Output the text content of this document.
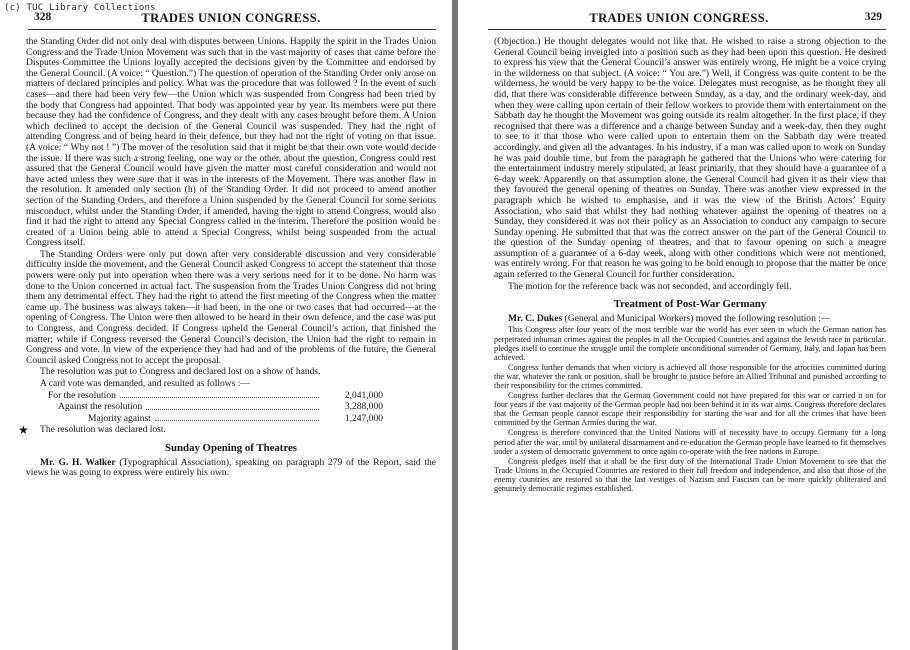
(c) TUC Library Collections
328	TRADES UNION CONGRESS.

the Standing Order did not only deal with disputes between Unions. Happily the spirit in the Trades Union Congress and the Trade Union Movement was such that in the vast majority of cases that came before the Disputes Committee the Unions loyally accepted the decisions given by the Committee and endorsed by the General Council. (A voice: “ Question.”) The question of operation of the Standing Order only arose on matters of declared principles and policy. What was the procedure that was followed ? In the event of such cases—and there had been very few—the Union which was suspended from Congress had been tried by the body that Congress had appointed. That body was appointed year by year. Its members were put there because they had the confidence of Congress, and they dealt with any cases brought before them. A Union which declined to accept the decision of the General Council was suspended. They had the right of attending Congress and of being heard in their defence, but they had not the right of voting on that issue. (A voice: “ Why not ! ”) The mover of the resolution said that it might be that their own vote would decide the issue. If there was such a strong feeling, one way or the other, about the question, Congress could rest assured that the General Council would have given the matter most careful consideration and would not have acted unless they were sure that it was in the interests of the Movement. There was another flaw in the resolution. It amended only section (h) of the Standing Order. It did not proceed to amend another section of the Standing Orders, and therefore a Union suspended by the General Council for some serious misconduct, whilst under the Standing Order, if amended, having the right to attend Congress, would also find it had the right to attend any Special Congress called in the interim. Therefore the position would be created of a Union being able to attend a Special Congress, whilst being suspended from the actual Congress itself.

The Standing Orders were only put down after very considerable discussion and very considerable difficulty inside the movement, and the General Council asked Congress to accept the statement that those powers were only put into operation when there was a very serious need for it to be done. No harm was done to the Union concerned in actual fact. The suspension from the Trades Union Congress did not bring them any detrimental effect. They had the right to attend the first meeting of the Congress when the matter came up. The business was always taken—it had been, in the one or two cases that had occurred—at the opening of Congress. The Union were then allowed to be heard in their own defence, and the case was put to Congress, and Congress decided. If Congress upheld the General Council’s action, that finished the matter; while if Congress reversed the General Council’s decision, the Union had the right to remain in Congress and vote. In view of the experience they had had and of the problems of the future, the General Council asked Congress not to accept the proposal.

The resolution was put to Congress and declared lost on a show of hands.

A card vote was demanded, and resulted as follows :—

For the resolution	2,041,000
Against the resolution	3,288,000
Majority against	1,247,000

★ The resolution was declared lost.

Sunday Opening of Theatres

Mr. G. H. Walker (Typographical Association), speaking on paragraph 279 of the Report, said the views he was going to express were entirely his own.

TRADES UNION CONGRESS.	329

(Objection.) He thought delegates would not like that. He wished to raise a strong objection to the General Council being inveigled into a position such as they had been upon this question. He desired to express his view that the General Council’s answer was entirely wrong. He might be a voice crying in the wilderness on that subject. (A voice: “ You are.”) Well, if Congress was quite content to be the wilderness, he would be very happy to be the voice. Delegates must recognise, as he thought they all did, that there was considerable difference between Sunday, as a day, and the ordinary week-day, and when they were calling upon certain of their fellow workers to provide them with entertainment on the Sabbath day he thought the Movement was going outside its realm altogether. In the first place, if they recognised that there was a difference and a change between Sunday and a week-day, then they ought to see to it that those who were called upon to entertain them on the Sabbath day were treated accordingly, and given all the advantages. In his industry, if a man was called upon to work on Sunday he was paid double time, but from the paragraph he gathered that the Unions who were catering for the entertainment industry merely stipulated, at least primarily, that they should have a guarantee of a 6-day week. Apparently on that assumption alone, the General Council had given it as their view that they favoured the general opening of theatres on Sunday. There was another view expressed in the paragraph which he wished to emphasise, and it was the view of the British Actors’ Equity Association, who said that whilst they had nothing whatever against the opening of theatres on a Sunday, they considered it was not their policy as an Association to conduct any campaign to secure Sunday opening. He submitted that that was the correct answer on the part of the General Council to the question of the Sunday opening of theatres, and that to favour opening on such a meagre assumption of a guarantee of a 6-day week, along with other conditions which were not mentioned, was entirely wrong. For that reason he was going to be bold enough to propose that the matter be once again referred to the General Council for further consideration.

The motion for the reference back was not seconded, and accordingly fell.

Treatment of Post-War Germany

Mr. C. Dukes (General and Municipal Workers) moved the following resolution :—

This Congress after four years of the most terrible war the world has ever seen in which the German nation has perpetrated inhuman crimes against the peoples in all the Occupied Countries and against the Jewish race in particular, pledges itself to continue the struggle until the complete unconditional surrender of Germany, Italy, and Japan has been achieved.

Congress further demands that when victory is achieved all those responsible for the atrocities committed during the war, whatever the rank or position, shall be brought to justice before an Allied Tribunal and punished according to their responsibility for the crimes committed.

Congress further declares that the German Government could not have prepared for this war or carried it on for four years if the vast majority of the German people had not been behind it in its war aims. Congress therefore declares that the German people cannot escape their responsibility for starting the war and for all the crimes that have been committed by the German Armies during the war.

Congress is therefore convinced that the United Nations will of necessity have to occupy Germany for a long period after the war, until by unilateral disarmament and re-education the German people have learned to fit themselves under a system of democratic government to once again co-operate with the free nations in Europe.

Congress pledges itself that it shall be the first duty of the International Trade Union Movement to see that the Trade Unions in the Occupied Countries are restored to their full freedom and independence, and also that those of the enemy countries are restored so that the last vestiges of Nazism and Fascism can be more quickly obliterated and genuinely democratic regimes established.
